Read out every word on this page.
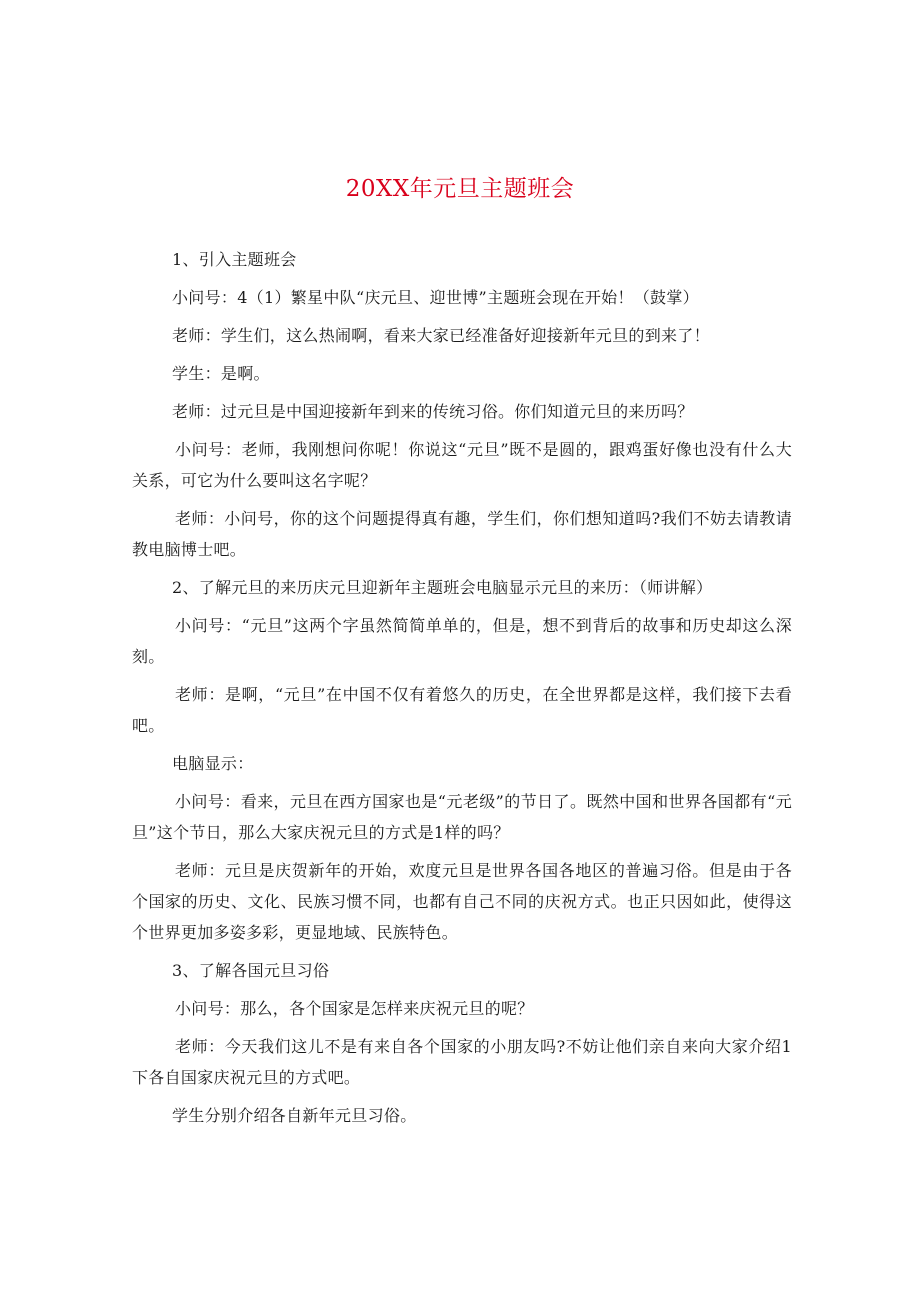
20XX年元旦主题班会

1、引入主题班会

小问号：4（1）繁星中队“庆元旦、迎世博”主题班会现在开始！（鼓掌）

老师：学生们，这么热闹啊，看来大家已经准备好迎接新年元旦的到来了！

学生：是啊。

老师：过元旦是中国迎接新年到来的传统习俗。你们知道元旦的来历吗？

小问号：老师，我刚想问你呢！你说这“元旦”既不是圆的，跟鸡蛋好像也没有什么大关系，可它为什么要叫这名字呢？

老师：小问号，你的这个问题提得真有趣，学生们，你们想知道吗?我们不妨去请教请教电脑博士吧。

2、了解元旦的来历庆元旦迎新年主题班会电脑显示元旦的来历：（师讲解）

小问号：“元旦”这两个字虽然简简单单的，但是，想不到背后的故事和历史却这么深刻。

老师：是啊，“元旦”在中国不仅有着悠久的历史，在全世界都是这样，我们接下去看吧。

电脑显示：

小问号：看来，元旦在西方国家也是“元老级”的节日了。既然中国和世界各国都有“元旦”这个节日，那么大家庆祝元旦的方式是1样的吗？

老师：元旦是庆贺新年的开始，欢度元旦是世界各国各地区的普遍习俗。但是由于各个国家的历史、文化、民族习惯不同，也都有自己不同的庆祝方式。也正只因如此，使得这个世界更加多姿多彩，更显地域、民族特色。

3、了解各国元旦习俗

小问号：那么，各个国家是怎样来庆祝元旦的呢？

老师：今天我们这儿不是有来自各个国家的小朋友吗?不妨让他们亲自来向大家介绍1下各自国家庆祝元旦的方式吧。

学生分别介绍各自新年元旦习俗。
